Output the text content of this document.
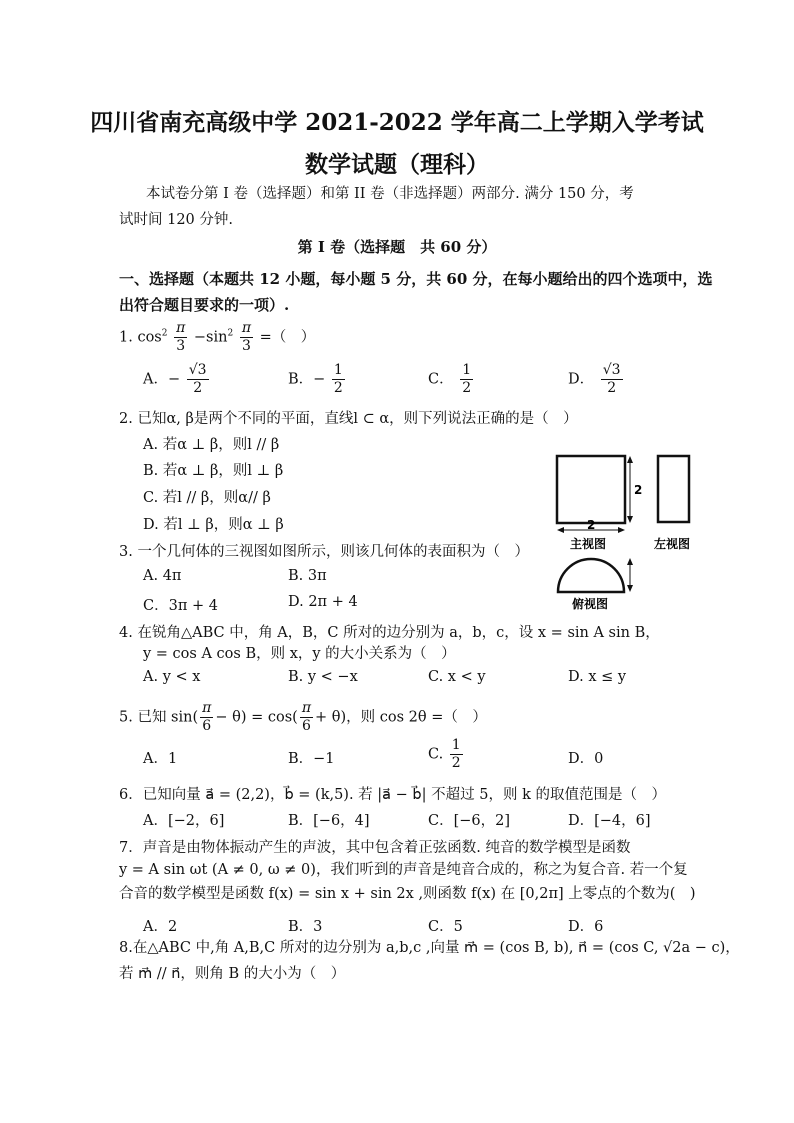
四川省南充高级中学 2021-2022 学年高二上学期入学考试
数学试题（理科）
本试卷分第 I 卷（选择题）和第 II 卷（非选择题）两部分. 满分 150 分，考
试时间 120 分钟.
第 I 卷（选择题　共 60 分）
一、选择题（本题共 12 小题，每小题 5 分，共 60 分，在每小题给出的四个选项中，选
出符合题目要求的一项）.
1. $\cos^2 \frac{\pi}{3} -\sin^2 \frac{\pi}{3}$ =（　）
A．− $\frac{√3}{2}$	B．− $\frac{1}{2}$	C． $\frac{1}{2}$	D． $\frac{√3}{2}$
2. 已知α, β是两个不同的平面，直线l ⊂ α，则下列说法正确的是（　）
A. 若α ⊥ β，则l // β
B. 若α ⊥ β，则l ⊥ β
C. 若l // β，则α// β
D. 若l ⊥ β，则α ⊥ β
2
2
主视图	左视图
俯视图
3. 一个几何体的三视图如图所示，则该几何体的表面积为（　）
A. 4π	B. 3π
C．3π + 4	D. 2π + 4
4. 在锐角△ABC 中，角 A，B，C 所对的边分别为 a，b，c，设 x = sin A sin B，
y = cos A cos B，则 x，y 的大小关系为（　）
A. y < x	B. y < −x	C. x < y	D. x ≤ y
5. 已知 $\sin( \frac{\pi}{6} - \theta) = \cos( \frac{\pi}{6} + \theta)$，则 cos 2θ =（　）
A．1	B．−1	C. $\frac{1}{2}$	D．0
6．已知向量 a⃗ = (2,2)，b⃗ = (k,5). 若 |a⃗ − b⃗| 不超过 5，则 k 的取值范围是（　）
A．[−2，6]	B．[−6，4]	C．[−6，2]	D．[−4，6]
7．声音是由物体振动产生的声波，其中包含着正弦函数. 纯音的数学模型是函数
y = A sin ωt (A ≠ 0, ω ≠ 0)，我们听到的声音是纯音合成的，称之为复合音. 若一个复
合音的数学模型是函数 f(x) = sin x + sin 2x ,则函数 f(x) 在 [0,2π] 上零点的个数为(　)
A．2	B．3	C．5	D．6
8.在△ABC 中,角 A,B,C 所对的边分别为 a,b,c ,向量 m⃗ = (cos B, b), n⃗ = (cos C, √2a − c)，
若 m⃗ // n⃗，则角 B 的大小为（　）
